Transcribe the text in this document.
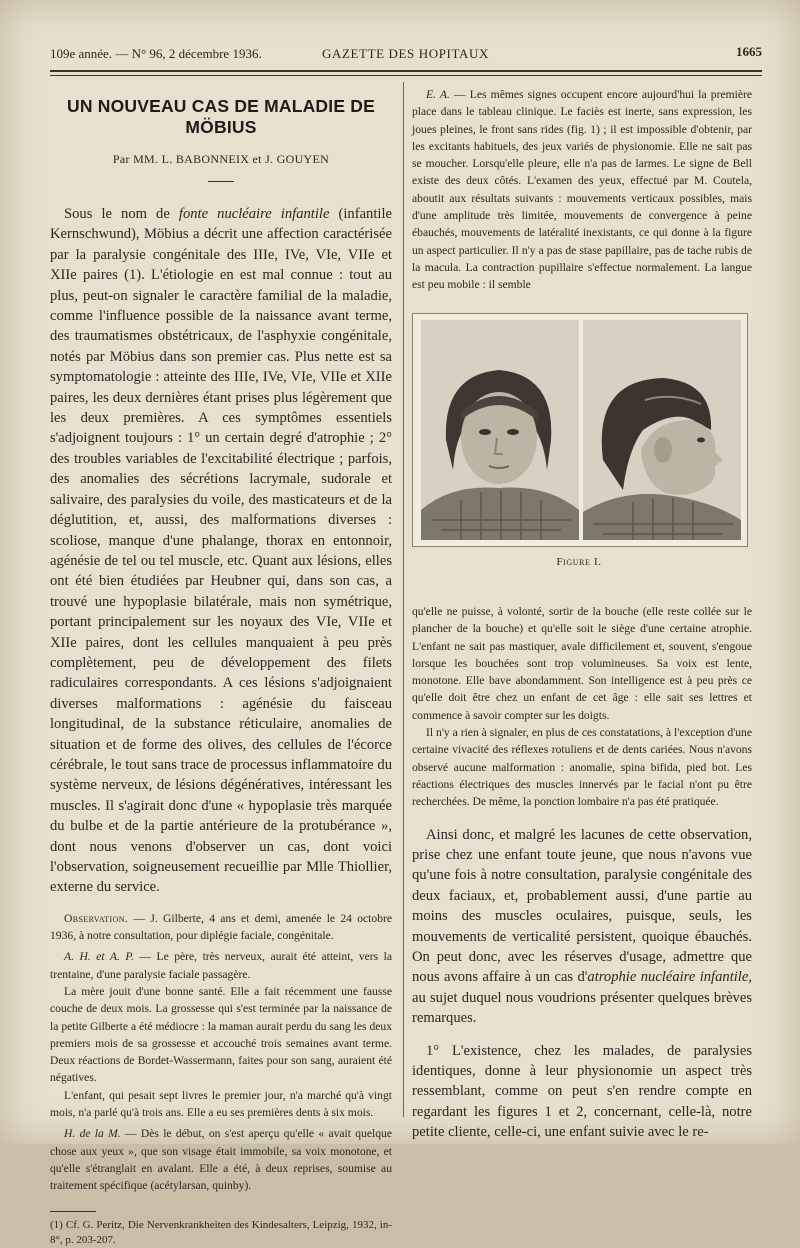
109e année. — N° 96, 2 décembre 1936.	GAZETTE DES HOPITAUX	1665
UN NOUVEAU CAS DE MALADIE DE MÖBIUS
Par MM. L. BABONNEIX et J. GOUYEN

Sous le nom de fonte nucléaire infantile (infantile Kernschwund), Möbius a décrit une affection caractérisée par la paralysie congénitale des IIIe, IVe, VIe, VIIe et XIIe paires (1). L'étiologie en est mal connue : tout au plus, peut-on signaler le caractère familial de la maladie, comme l'influence possible de la naissance avant terme, des traumatismes obstétricaux, de l'asphyxie congénitale, notés par Möbius dans son premier cas. Plus nette est sa symptomatologie : atteinte des IIIe, IVe, VIe, VIIe et XIIe paires, les deux dernières étant prises plus légèrement que les deux premières. A ces symptômes essentiels s'adjoignent toujours : 1° un certain degré d'atrophie ; 2° des troubles variables de l'excitabilité électrique ; parfois, des anomalies des sécrétions lacrymale, sudorale et salivaire, des paralysies du voile, des masticateurs et de la déglutition, et, aussi, des malformations diverses : scoliose, manque d'une phalange, thorax en entonnoir, agénésie de tel ou tel muscle, etc. Quant aux lésions, elles ont été bien étudiées par Heubner qui, dans son cas, a trouvé une hypoplasie bilatérale, mais non symétrique, portant principalement sur les noyaux des VIe, VIIe et XIIe paires, dont les cellules manquaient à peu près complètement, peu de développement des filets radiculaires correspondants. A ces lésions s'adjoignaient diverses malformations : agénésie du faisceau longitudinal, de la substance réticulaire, anomalies de situation et de forme des olives, des cellules de l'écorce cérébrale, le tout sans trace de processus inflammatoire du système nerveux, de lésions dégénératives, intéressant les muscles. Il s'agirait donc d'une « hypoplasie très marquée du bulbe et de la partie antérieure de la protubérance », dont nous venons d'observer un cas, dont voici l'observation, soigneusement recueillie par Mlle Thiollier, externe du service.

Observation. — J. Gilberte, 4 ans et demi, amenée le 24 octobre 1936, à notre consultation, pour diplégie faciale, congénitale.

A. H. et A. P. — Le père, très nerveux, aurait été atteint, vers la trentaine, d'une paralysie faciale passagère.

La mère jouit d'une bonne santé. Elle a fait récemment une fausse couche de deux mois. La grossesse qui s'est terminée par la naissance de la petite Gilberte a été médiocre : la maman aurait perdu du sang les deux premiers mois de sa grossesse et accouché trois semaines avant terme. Deux réactions de Bordet-Wassermann, faites pour son sang, auraient été négatives.

L'enfant, qui pesait sept livres le premier jour, n'a marché qu'à vingt mois, n'a parlé qu'à trois ans. Elle a eu ses premières dents à six mois.

H. de la M. — Dès le début, on s'est aperçu qu'elle « avait quelque chose aux yeux », que son visage était immobile, sa voix monotone, et qu'elle s'étranglait en avalant. Elle a été, à deux reprises, soumise au traitement spécifique (acétylarsan, quinby).

(1) Cf. G. Peritz, Die Nervenkrankheiten des Kindesalters, Leipzig, 1932, in-8°, p. 203-207.

E. A. — Les mêmes signes occupent encore aujourd'hui la première place dans le tableau clinique. Le faciès est inerte, sans expression, les joues pleines, le front sans rides (fig. 1) ; il est impossible d'obtenir, par les excitants habituels, des jeux variés de physionomie. Elle ne sait pas se moucher. Lorsqu'elle pleure, elle n'a pas de larmes. Le signe de Bell existe des deux côtés. L'examen des yeux, effectué par M. Coutela, aboutit aux résultats suivants : mouvements verticaux possibles, mais d'une amplitude très limitée, mouvements de convergence à peine ébauchés, mouvements de latéralité inexistants, ce qui donne à la figure un aspect particulier. Il n'y a pas de stase papillaire, pas de tache rubis de la macula. La contraction pupillaire s'effectue normalement. La langue est peu mobile : il semble

Figure I.

qu'elle ne puisse, à volonté, sortir de la bouche (elle reste collée sur le plancher de la bouche) et qu'elle soit le siège d'une certaine atrophie. L'enfant ne sait pas mastiquer, avale difficilement et, souvent, s'engoue lorsque les bouchées sont trop volumineuses. Sa voix est lente, monotone. Elle bave abondamment. Son intelligence est à peu près ce qu'elle doit être chez un enfant de cet âge : elle sait ses lettres et commence à savoir compter sur les doigts.

Il n'y a rien à signaler, en plus de ces constatations, à l'exception d'une certaine vivacité des réflexes rotuliens et de dents cariées. Nous n'avons observé aucune malformation : anomalie, spina bifida, pied bot. Les réactions électriques des muscles innervés par le facial n'ont pu être recherchées. De même, la ponction lombaire n'a pas été pratiquée.

Ainsi donc, et malgré les lacunes de cette observation, prise chez une enfant toute jeune, que nous n'avons vue qu'une fois à notre consultation, paralysie congénitale des deux faciaux, et, probablement aussi, d'une partie au moins des muscles oculaires, puisque, seuls, les mouvements de verticalité persistent, quoique ébauchés. On peut donc, avec les réserves d'usage, admettre que nous avons affaire à un cas d'atrophie nucléaire infantile, au sujet duquel nous voudrions présenter quelques brèves remarques.

1° L'existence, chez les malades, de paralysies identiques, donne à leur physionomie un aspect très ressemblant, comme on peut s'en rendre compte en regardant les figures 1 et 2, concernant, celle-là, notre petite cliente, celle-ci, une enfant suivie avec le re-
